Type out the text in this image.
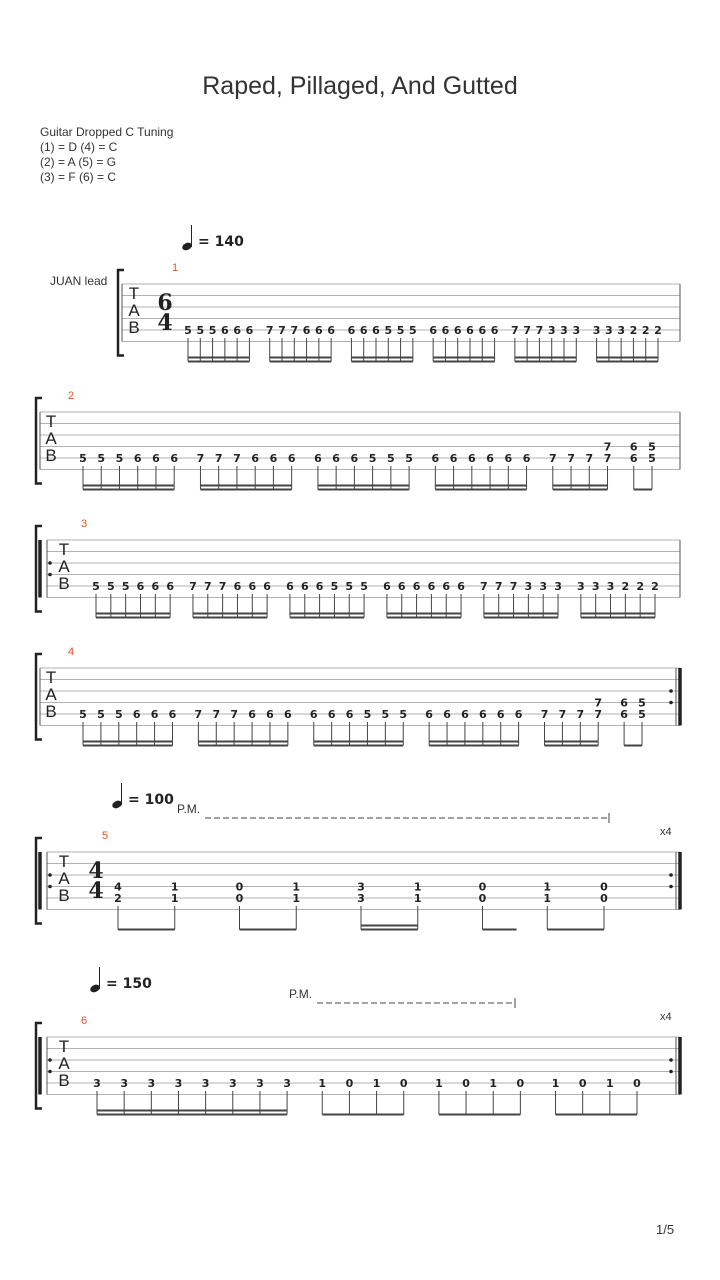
Raped, Pillaged, And Gutted
Guitar Dropped C Tuning
(1) = D (4) = C
(2) = A (5) = G
(3) = F (6) = C
= 140
= 100
= 150
JUAN lead
P.M.
P.M.
x4
x4
1
T
A
B
6
4 5 5 5 6 6 6 7 7 7 6 6 6 6 6 6 5 5 5 6 6 6 6 6 6 7 7 7 3 3 3 3 3 3 2 2 2
2
T
A
B 5 5 5 6 6 6 7 7 7 6 6 6 6 6 6 5 5 5 6 6 6 6 6 6 7 7 7
7
7
6
6
5
5
3
T
A
B 5 5 5 6 6 6 7 7 7 6 6 6 6 6 6 5 5 5 6 6 6 6 6 6 7 7 7 3 3 3 3 3 3 2 2 2
4
T
A
B 5 5 5 6 6 6 7 7 7 6 6 6 6 6 6 5 5 5 6 6 6 6 6 6 7 7 7
7
7
6
6
5
5
5
T
A
B
4
4 4
2
1
1
0
0
1
1
3
3
1
1
0
0
1
1
0
0
6
T
A
B 3 3 3 3 3 3 3 3	1 0 1 0	1 0 1 0	1 0 1 0
1/5
